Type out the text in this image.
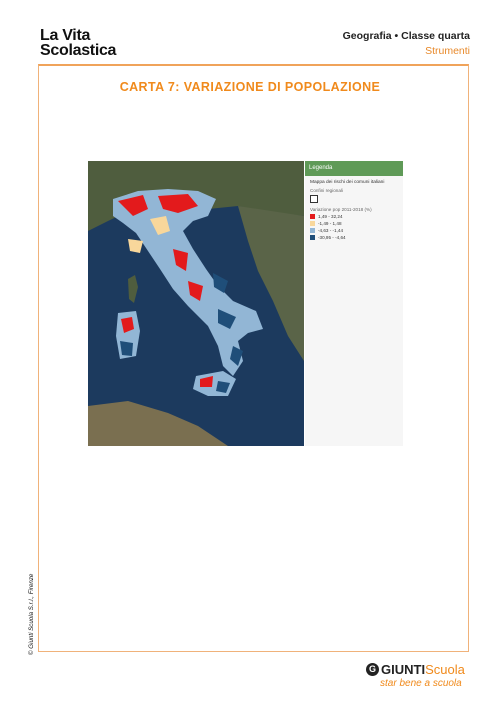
La Vita
Scolastica
Geografia • Classe quarta
Strumenti
CARTA 7: VARIAZIONE DI POPOLAZIONE
Legenda
Mappa dei rischi dei comuni italiani
Confini regionali
Variazione pop 2011-2018 (%)
1,49 - 32,24
-1,49 - 1,48
-4,63 - -1,44
-30,95 - -4,64
© Giunti Scuola S.r.l., Firenze
G GIUNTI Scuola
star bene a scuola
